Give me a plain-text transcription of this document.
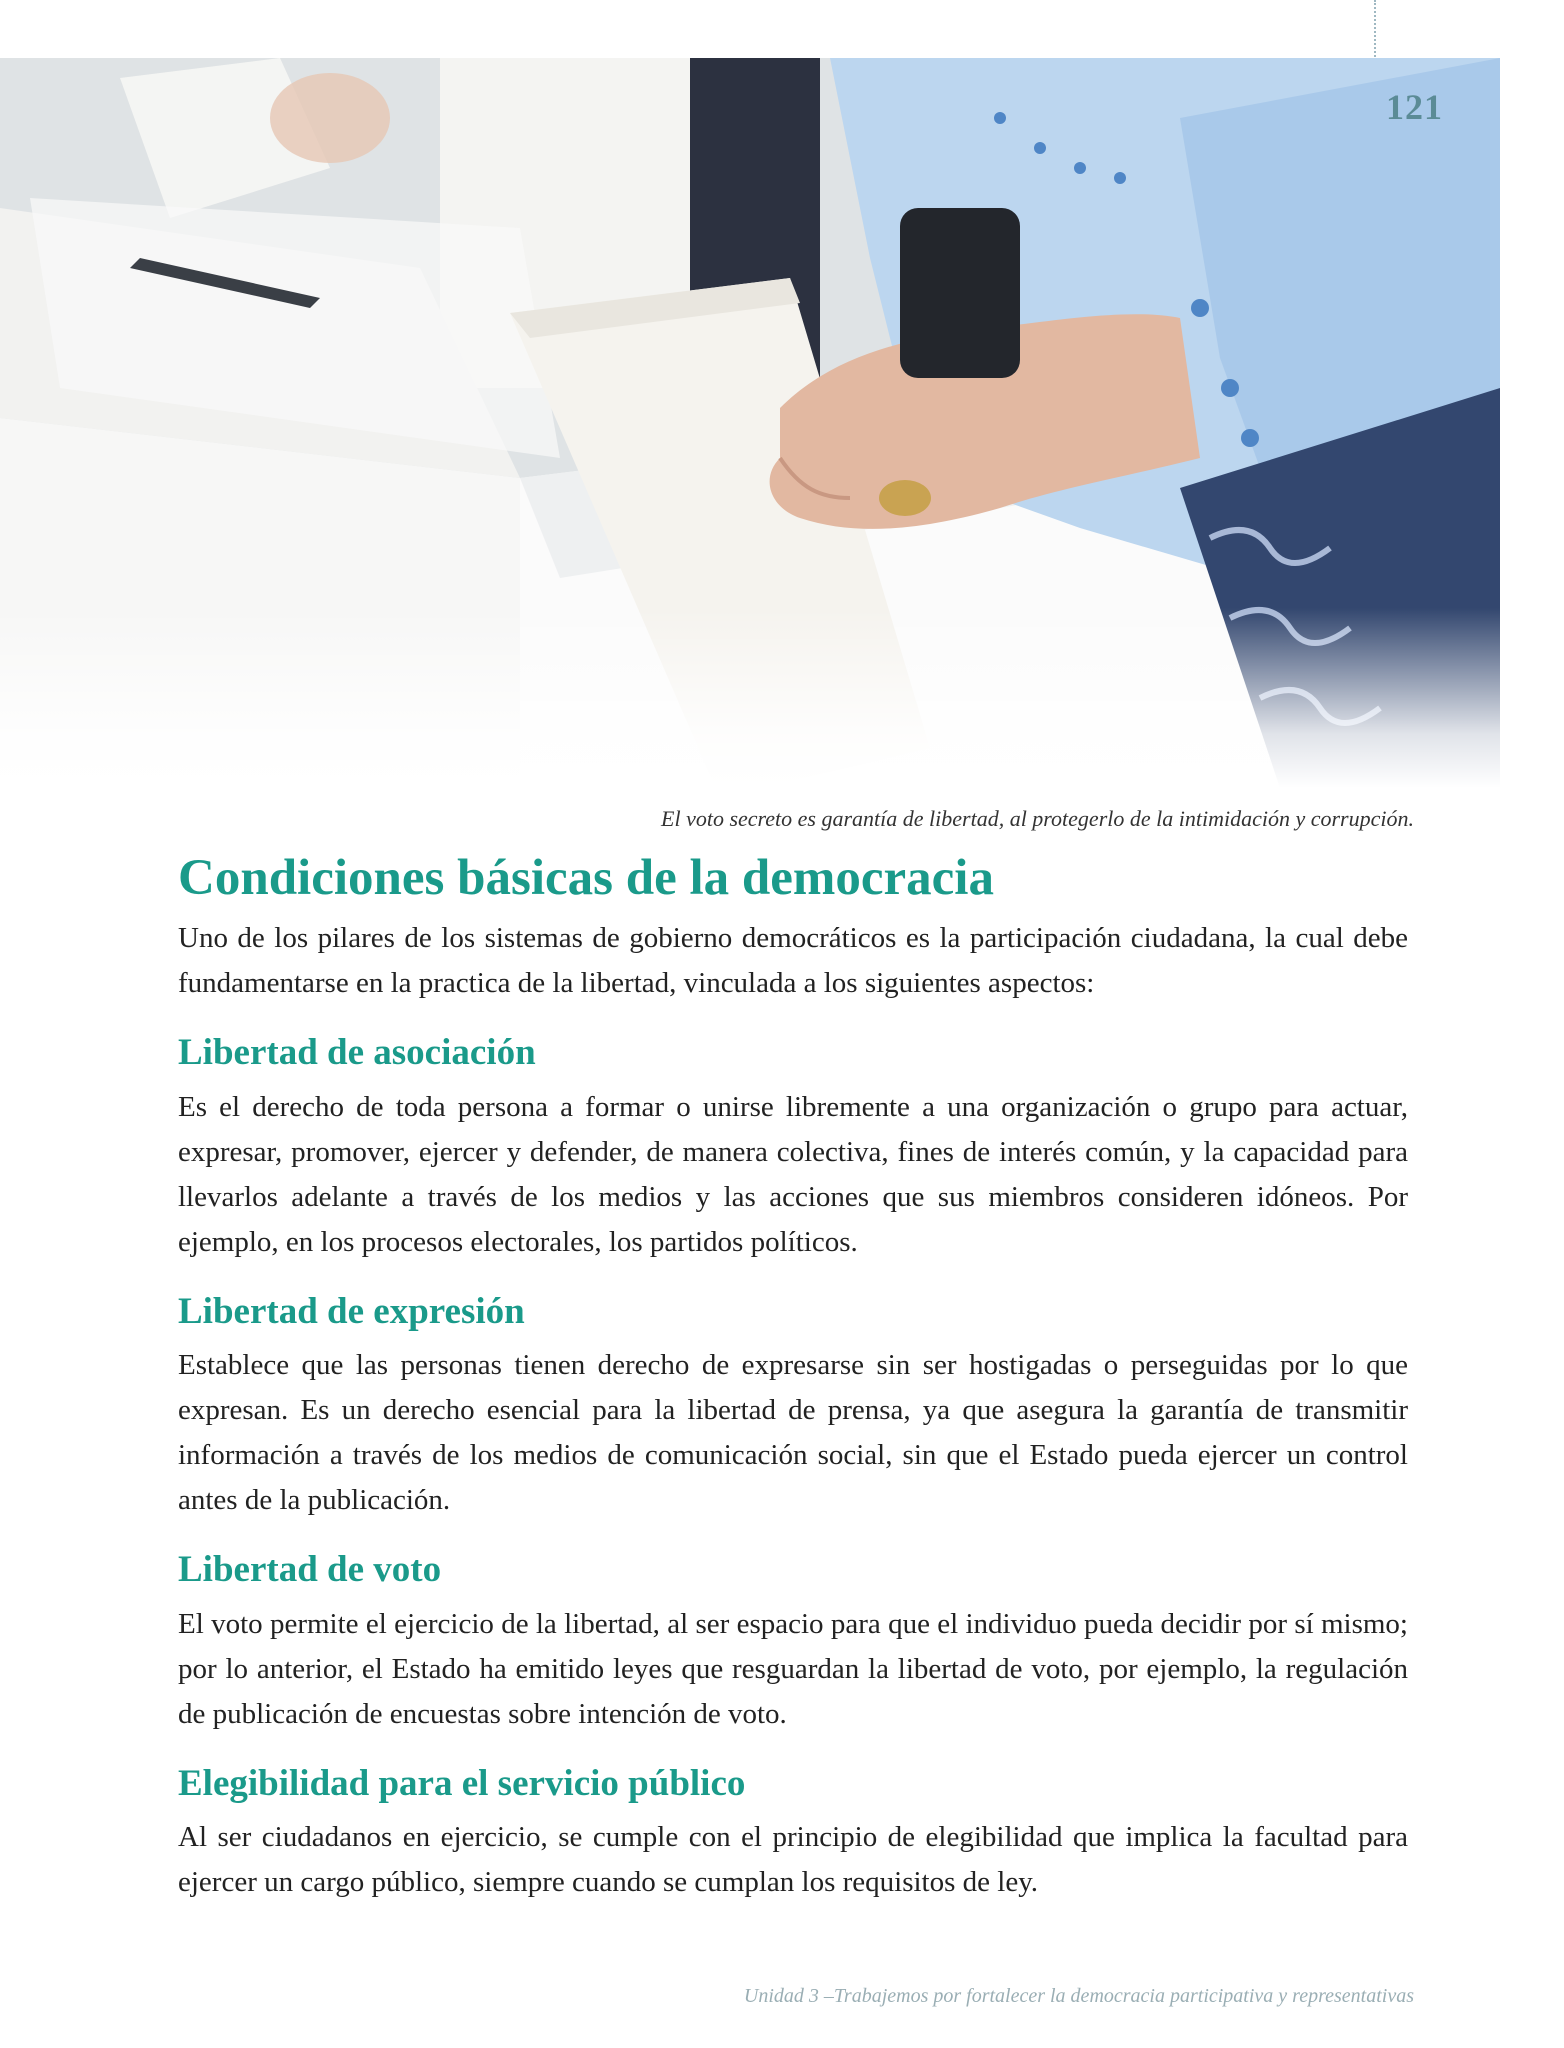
121
El voto secreto es garantía de libertad, al protegerlo de la intimidación y corrupción.
Condiciones básicas de la democracia

Uno de los pilares de los sistemas de gobierno democráticos es la participación ciudadana, la cual debe fundamentarse en la practica de la libertad, vinculada a los siguientes aspectos:

Libertad de asociación

Es el derecho de toda persona a formar o unirse libremente a una organización o grupo para actuar, expresar, promover, ejercer y defender, de manera colectiva, fines de interés común, y la capacidad para llevarlos adelante a través de los medios y las acciones que sus miembros consideren idóneos. Por ejemplo, en los procesos electorales, los partidos políticos.

Libertad de expresión

Establece que las personas tienen derecho de expresarse sin ser hostigadas o perseguidas por lo que expresan. Es un derecho esencial para la libertad de prensa, ya que asegura la garantía de transmitir información a través de los medios de comunicación social, sin que el Estado pueda ejercer un control antes de la publicación.

Libertad de voto

El voto permite el ejercicio de la libertad, al ser espacio para que el individuo pueda decidir por sí mismo; por lo anterior, el Estado ha emitido leyes que resguardan la libertad de voto, por ejemplo, la regulación de publicación de encuestas sobre intención de voto.

Elegibilidad para el servicio público

Al ser ciudadanos en ejercicio, se cumple con el principio de elegibilidad que implica la facultad para ejercer un cargo público, siempre cuando se cumplan los requisitos de ley.

Unidad 3 –Trabajemos por fortalecer la democracia participativa y representativas
